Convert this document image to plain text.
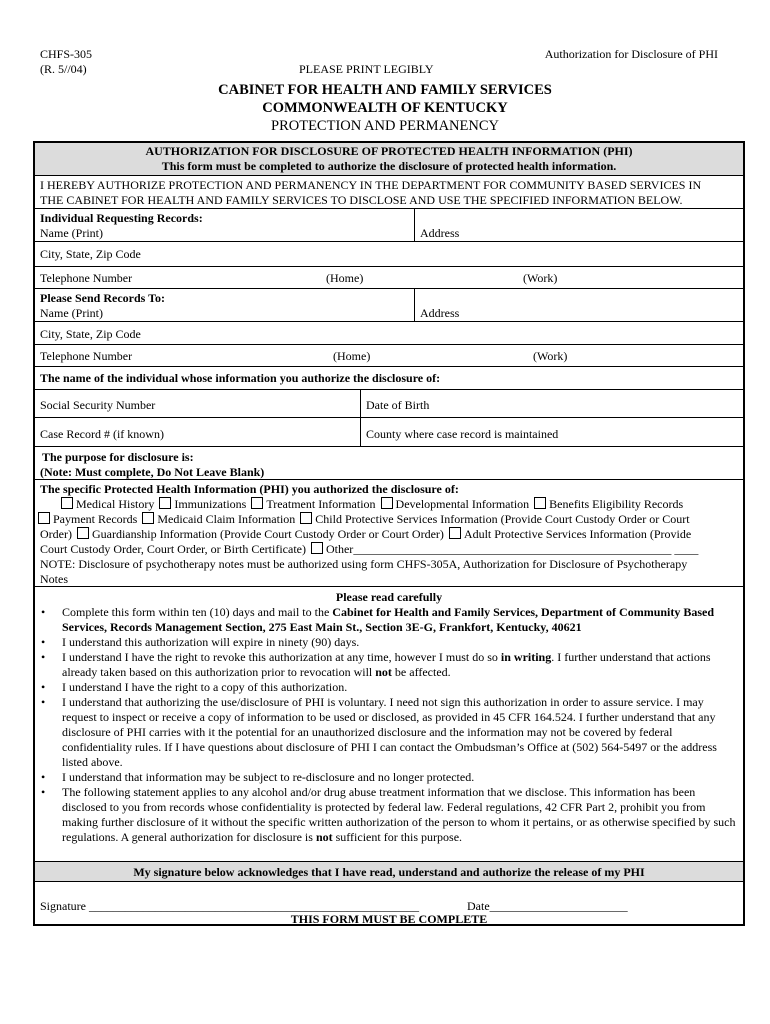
CHFS-305
(R. 5//04)	PLEASE PRINT LEGIBLY
Authorization for Disclosure of PHI
CABINET FOR HEALTH AND FAMILY SERVICES
COMMONWEALTH OF KENTUCKY
PROTECTION AND PERMANENCY
AUTHORIZATION FOR DISCLOSURE OF PROTECTED HEALTH INFORMATION (PHI)
This form must be completed to authorize the disclosure of protected health information.
I HEREBY AUTHORIZE PROTECTION AND PERMANENCY IN THE DEPARTMENT FOR COMMUNITY BASED SERVICES IN
THE CABINET FOR HEALTH AND FAMILY SERVICES TO DISCLOSE AND USE THE SPECIFIED INFORMATION BELOW.
Individual Requesting Records:
Name (Print)	Address
City, State, Zip Code
Telephone Number	(Home)	(Work)
Please Send Records To:
Name (Print)	Address
City, State, Zip Code
Telephone Number	(Home)	(Work)
The name of the individual whose information you authorize the disclosure of:
Social Security Number	Date of Birth
Case Record # (if known)	County where case record is maintained
The purpose for disclosure is:
(Note: Must complete, Do Not Leave Blank)
The specific Protected Health Information (PHI) you authorized the disclosure of:
Medical History Immunizations Treatment Information Developmental Information Benefits Eligibility Records
Payment Records Medicaid Claim Information Child Protective Services Information (Provide Court Custody Order or Court
Order) Guardianship Information (Provide Court Custody Order or Court Order) Adult Protective Services Information (Provide
Court Custody Order, Court Order, or Birth Certificate) Other_____________________________________________________ ____
NOTE: Disclosure of psychotherapy notes must be authorized using form CHFS-305A, Authorization for Disclosure of Psychotherapy
Notes
Please read carefully
• Complete this form within ten (10) days and mail to the Cabinet for Health and Family Services, Department of Community Based Services, Records Management Section, 275 East Main St., Section 3E-G, Frankfort, Kentucky, 40621
• I understand this authorization will expire in ninety (90) days.
• I understand I have the right to revoke this authorization at any time, however I must do so in writing. I further understand that actions already taken based on this authorization prior to revocation will not be affected.
• I understand I have the right to a copy of this authorization.
• I understand that authorizing the use/disclosure of PHI is voluntary. I need not sign this authorization in order to assure service. I may request to inspect or receive a copy of information to be used or disclosed, as provided in 45 CFR 164.524. I further understand that any disclosure of PHI carries with it the potential for an unauthorized disclosure and the information may not be covered by federal confidentiality rules. If I have questions about disclosure of PHI I can contact the Ombudsman’s Office at (502) 564-5497 or the address listed above.
• I understand that information may be subject to re-disclosure and no longer protected.
• The following statement applies to any alcohol and/or drug abuse treatment information that we disclose. This information has been disclosed to you from records whose confidentiality is protected by federal law. Federal regulations, 42 CFR Part 2, prohibit you from making further disclosure of it without the specific written authorization of the person to whom it pertains, or as otherwise specified by such regulations. A general authorization for disclosure is not sufficient for this purpose.
My signature below acknowledges that I have read, understand and authorize the release of my PHI
Signature _______________________________________________________	Date_______________________
THIS FORM MUST BE COMPLETE
